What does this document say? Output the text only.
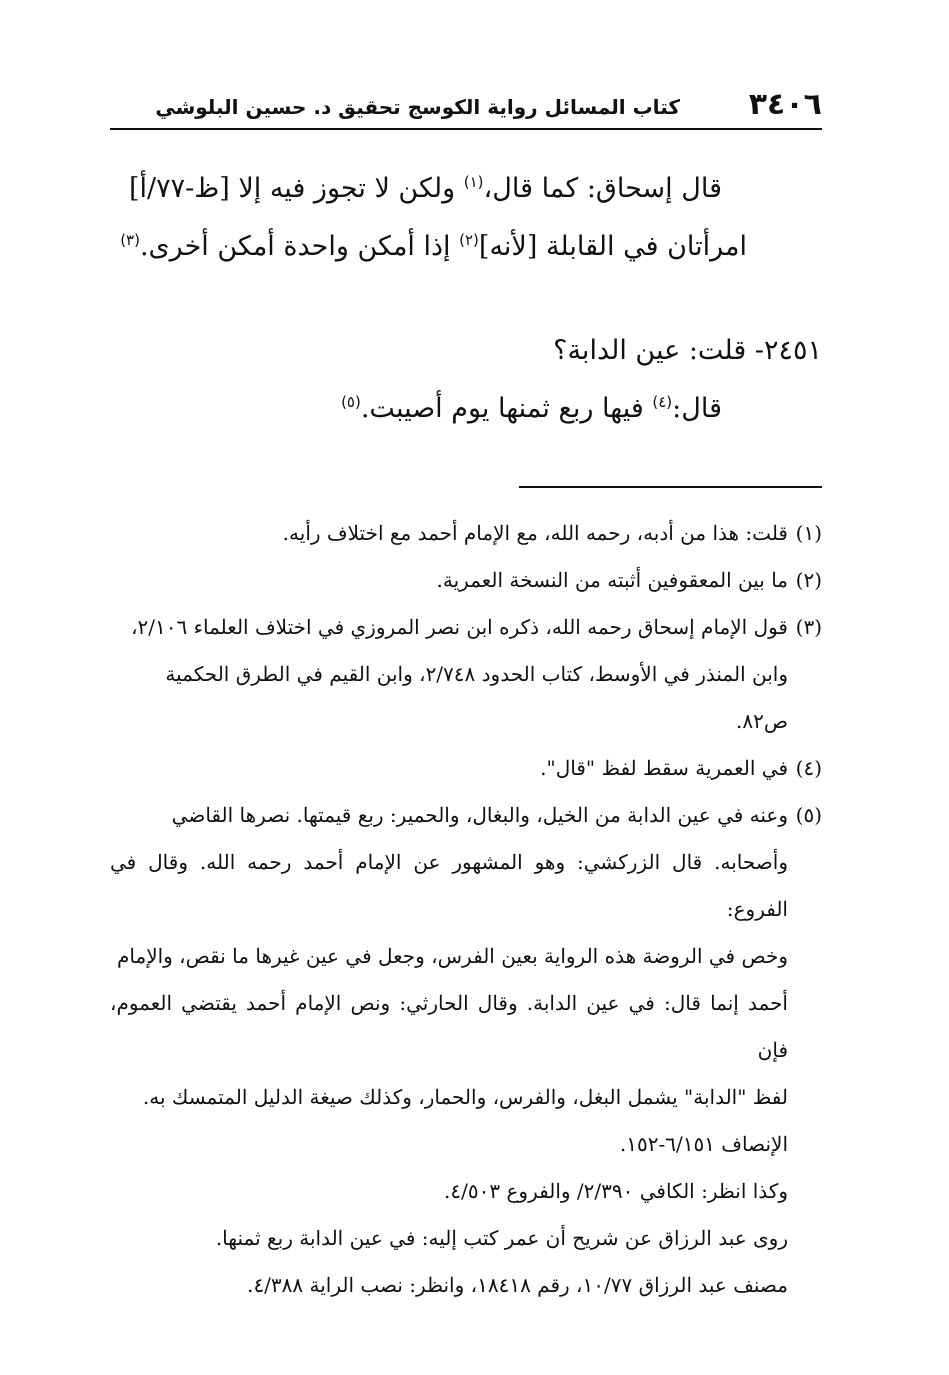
٣٤٠٦
كتاب المسائل رواية الكوسج تحقيق د. حسين البلوشي
قال إسحاق: كما قال،$^{(١)}$ ولكن لا تجوز فيه إلا [ظ-٧٧/أ]
امرأتان في القابلة [لأنه]$^{(٢)}$ إذا أمكن واحدة أمكن أخرى.$^{(٣)}$
٢٤٥١- قلت: عين الدابة؟
قال:$^{(٤)}$ فيها ربع ثمنها يوم أصيبت.$^{(٥)}$
(١)
قلت: هذا من أدبه، رحمه الله، مع الإمام أحمد مع اختلاف رأيه.
(٢)
ما بين المعقوفين أثبته من النسخة العمرية.
(٣)
قول الإمام إسحاق رحمه الله، ذكره ابن نصر المروزي في اختلاف العلماء ٢/١٠٦،
وابن المنذر في الأوسط، كتاب الحدود ٢/٧٤٨، وابن القيم في الطرق الحكمية
ص٨٢.
(٤)
في العمرية سقط لفظ "قال".
(٥)
وعنه في عين الدابة من الخيل، والبغال، والحمير: ربع قيمتها. نصرها القاضي
وأصحابه. قال الزركشي: وهو المشهور عن الإمام أحمد رحمه الله. وقال في الفروع:
وخص في الروضة هذه الرواية بعين الفرس، وجعل في عين غيرها ما نقص، والإمام
أحمد إنما قال: في عين الدابة. وقال الحارثي: ونص الإمام أحمد يقتضي العموم، فإن
لفظ "الدابة" يشمل البغل، والفرس، والحمار، وكذلك صيغة الدليل المتمسك به.
الإنصاف ٦/١٥١-١٥٢.
وكذا انظر: الكافي ٢/٣٩٠/ والفروع ٤/٥٠٣.
روى عبد الرزاق عن شريح أن عمر كتب إليه: في عين الدابة ربع ثمنها.
مصنف عبد الرزاق ١٠/٧٧، رقم ١٨٤١٨، وانظر: نصب الراية ٤/٣٨٨.
